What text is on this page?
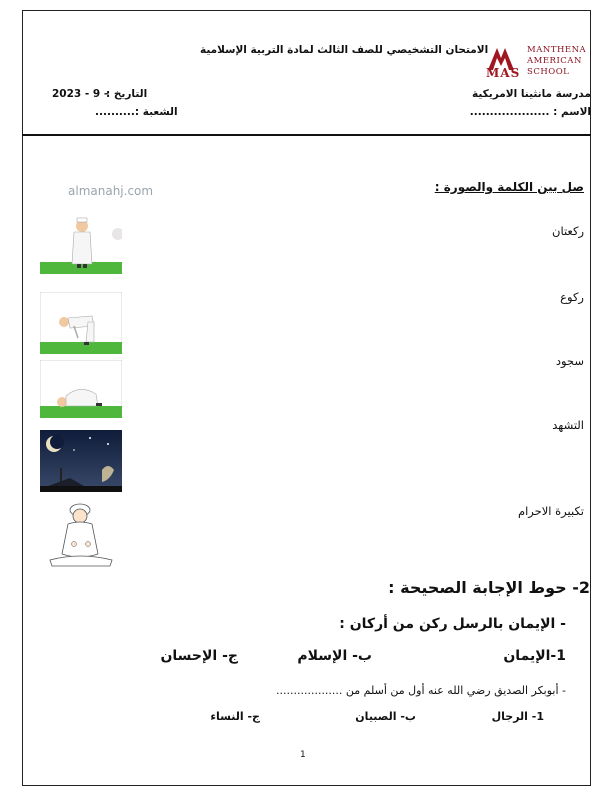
MAS
MANTHENA
AMERICAN
SCHOOL
الامتحان التشخيصي للصف الثالث لمادة التربية الإسلامية
مدرسة مانثينا الامريكية
الاسم : ....................
التاريخ :
2023 - 9 –
الشعبة :..........
صل بين الكلمة والصورة :
ركعتان
ركوع
سجود
التشهد
تكبيرة الاحرام
almanahj.com
2- حوط الإجابة الصحيحة :
- الإيمان بالرسل ركن من أركان :
1-الإيمان
ب- الإسلام
ج- الإحسان
- أبوبكر الصديق رضي الله عنه أول من أسلم من ...................
1- الرجال
ب- الصبيان
ج- النساء
1
